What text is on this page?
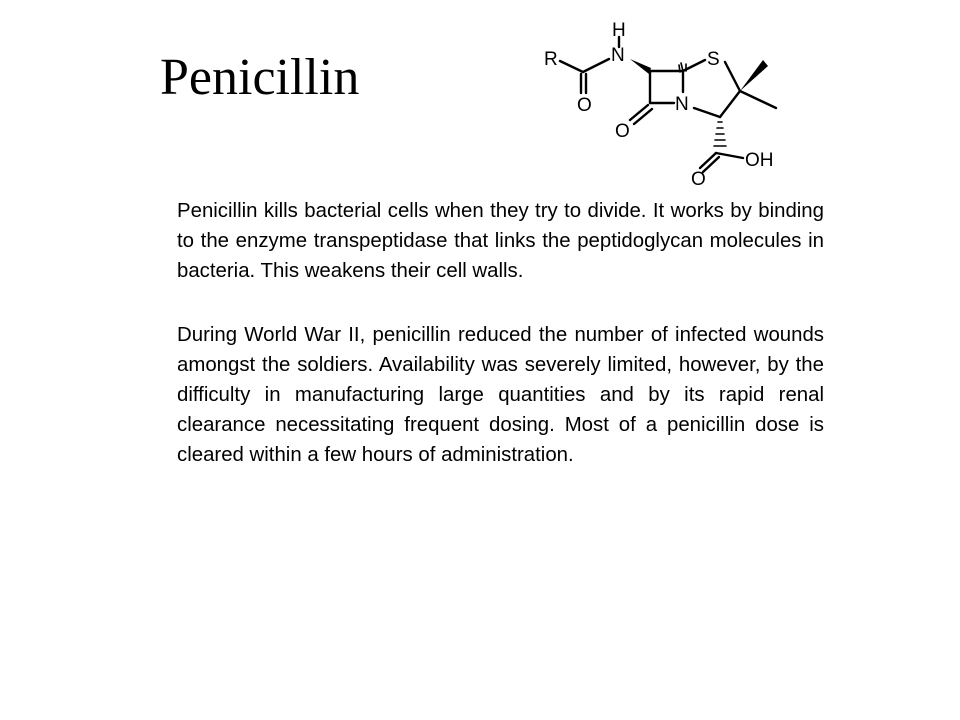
Penicillin	R
H
N
O
S
N
O
OH
O

Penicillin kills bacterial cells when they try to divide. It works by binding to the enzyme transpeptidase that links the peptidoglycan molecules in bacteria. This weakens their cell walls.

During World War II, penicillin reduced the number of infected wounds amongst the soldiers. Availability was severely limited, however, by the difficulty in manufacturing large quantities and by its rapid renal clearance necessitating frequent dosing. Most of a penicillin dose is cleared within a few hours of administration.
